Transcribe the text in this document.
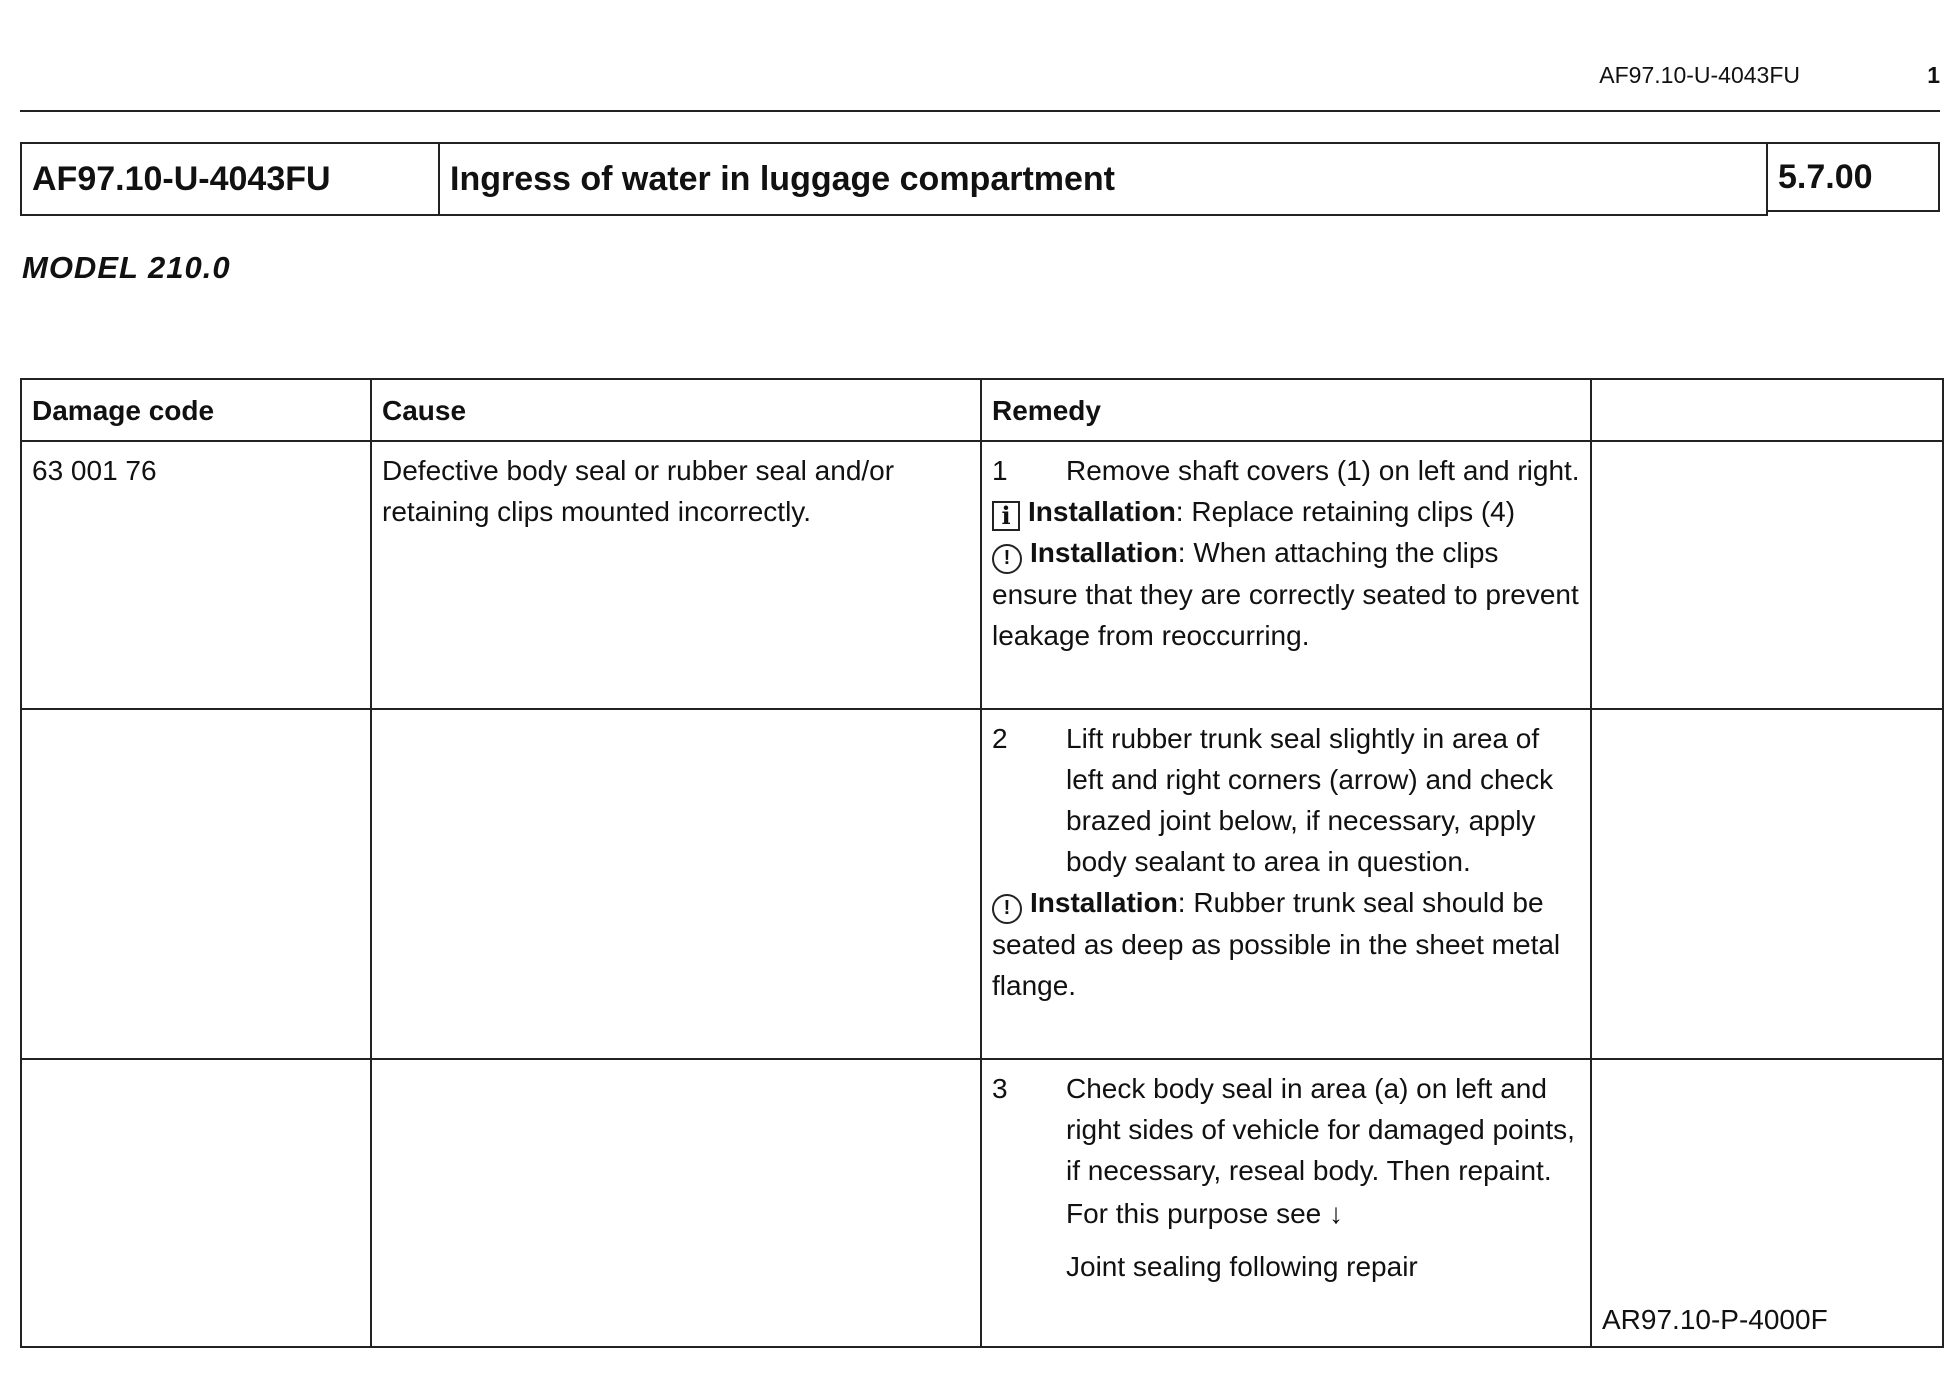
AF97.10-U-4043FU	1
AF97.10-U-4043FU	Ingress of water in luggage compartment	5.7.00
MODEL 210.0
Damage code	Cause	Remedy	
63 001 76	Defective body seal or rubber seal and/or retaining clips mounted incorrectly.	1 Remove shaft covers (1) on left and right.
i Installation: Replace retaining clips (4)
! Installation: When attaching the clips ensure that they are correctly seated to prevent leakage from reoccurring.	

		2 Lift rubber trunk seal slightly in area of left and right corners (arrow) and check brazed joint below, if necessary, apply body sealant to area in question.
! Installation: Rubber trunk seal should be seated as deep as possible in the sheet metal flange.	

		3 Check body seal in area (a) on left and right sides of vehicle for damaged points, if necessary, reseal body. Then repaint.
For this purpose see ↓
Joint sealing following repair	AR97.10-P-4000F
